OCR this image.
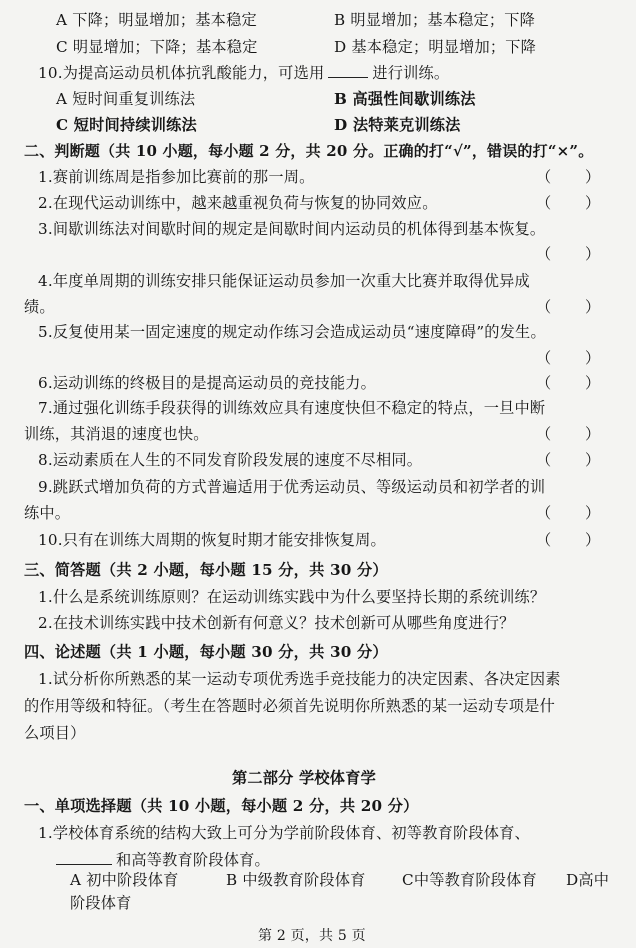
A 下降；明显增加；基本稳定	B 明显增加；基本稳定；下降
C 明显增加；下降；基本稳定	D 基本稳定；明显增加；下降
10.为提高运动员机体抗乳酸能力，可选用	进行训练。
A 短时间重复训练法	B 高强性间歇训练法
C 短时间持续训练法	D 法特莱克训练法
二、判断题（共 10 小题，每小题 2 分，共 20 分。正确的打“√”，错误的打“×”。
1.赛前训练周是指参加比赛前的那一周。	（       ）
2.在现代运动训练中，越来越重视负荷与恢复的协同效应。	（       ）
3.间歇训练法对间歇时间的规定是间歇时间内运动员的机体得到基本恢复。
（       ）
4.年度单周期的训练安排只能保证运动员参加一次重大比赛并取得优异成
绩。	（       ）
5.反复使用某一固定速度的规定动作练习会造成运动员“速度障碍”的发生。
（       ）
6.运动训练的终极目的是提高运动员的竞技能力。	（       ）
7.通过强化训练手段获得的训练效应具有速度快但不稳定的特点，一旦中断
训练，其消退的速度也快。	（       ）
8.运动素质在人生的不同发育阶段发展的速度不尽相同。	（       ）
9.跳跃式增加负荷的方式普遍适用于优秀运动员、等级运动员和初学者的训
练中。	（       ）
10.只有在训练大周期的恢复时期才能安排恢复周。	（       ）
三、简答题（共 2 小题，每小题 15 分，共 30 分）
1.什么是系统训练原则？在运动训练实践中为什么要坚持长期的系统训练？
2.在技术训练实践中技术创新有何意义？技术创新可从哪些角度进行？
四、论述题（共 1 小题，每小题 30 分，共 30 分）
1.试分析你所熟悉的某一运动专项优秀选手竞技能力的决定因素、各决定因素
的作用等级和特征。（考生在答题时必须首先说明你所熟悉的某一运动专项是什
么项目）
第二部分 学校体育学
一、单项选择题（共 10 小题，每小题 2 分，共 20 分）
1.学校体育系统的结构大致上可分为学前阶段体育、初等教育阶段体育、
和高等教育阶段体育。
A 初中阶段体育	B 中级教育阶段体育 C中等教育阶段体育 D高中
阶段体育
第 2 页，共 5 页
